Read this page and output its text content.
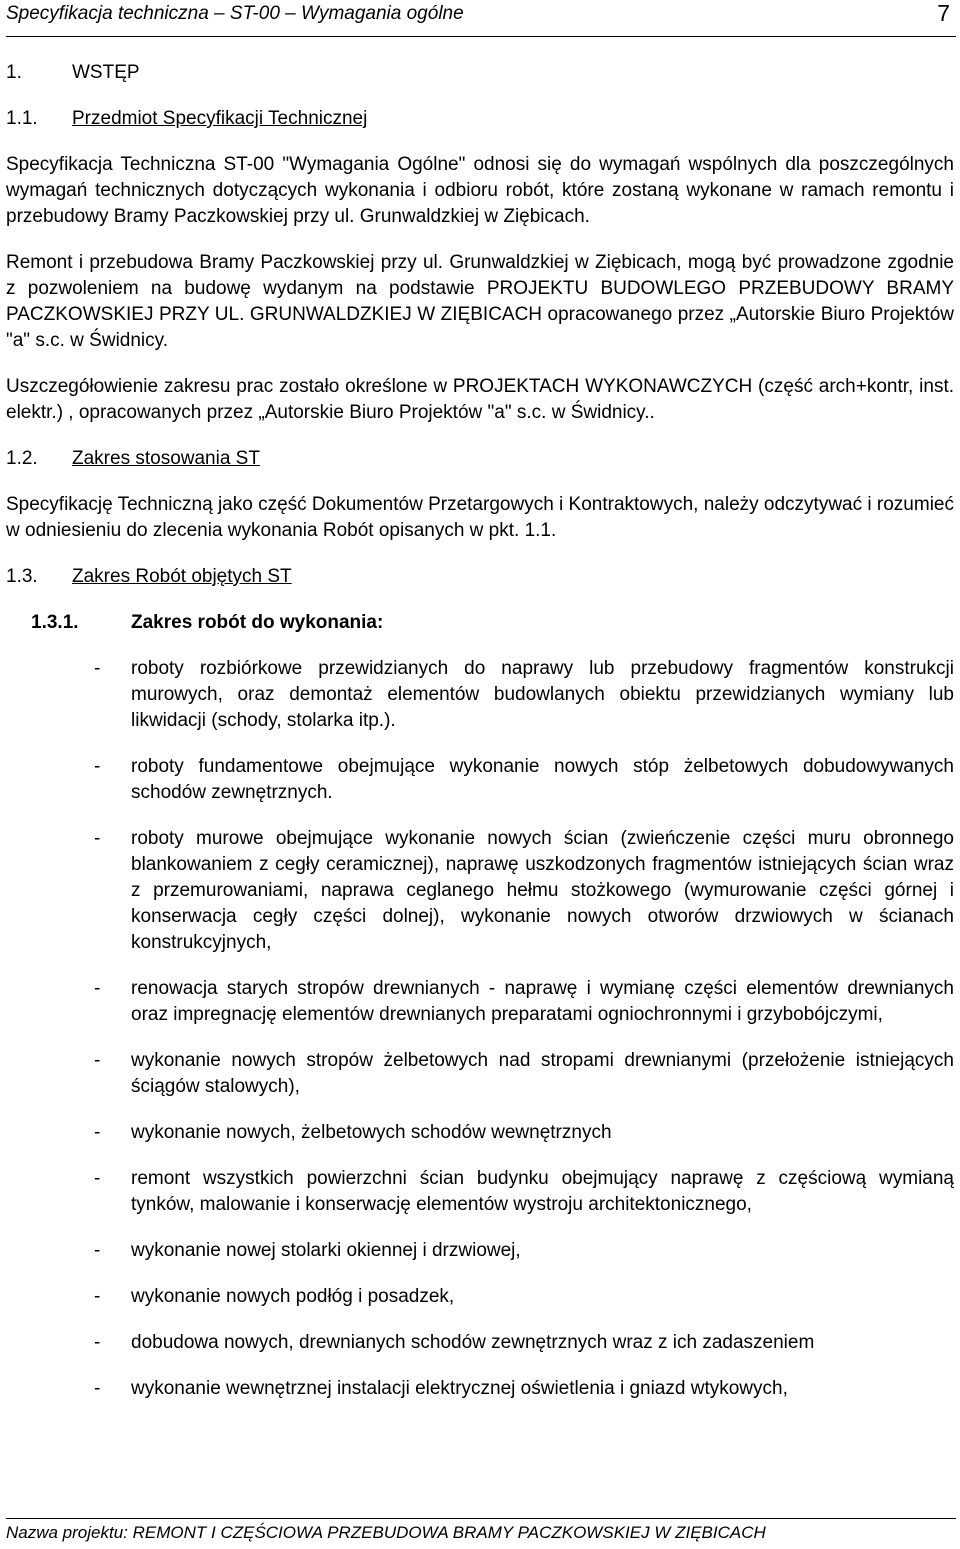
Specyfikacja techniczna – ST-00 – Wymagania ogólne	7
1.	WSTĘP
1.1.	Przedmiot Specyfikacji Technicznej

Specyfikacja Techniczna ST-00 "Wymagania Ogólne" odnosi się do wymagań wspólnych dla poszczególnych wymagań technicznych dotyczących wykonania i odbioru robót, które zostaną wykonane w ramach remontu i przebudowy Bramy Paczkowskiej przy ul. Grunwaldzkiej w Ziębicach.

Remont i przebudowa Bramy Paczkowskiej przy ul. Grunwaldzkiej w Ziębicach, mogą być prowadzone zgodnie z pozwoleniem na budowę wydanym na podstawie PROJEKTU BUDOWLEGO PRZEBUDOWY BRAMY PACZKOWSKIEJ PRZY UL. GRUNWALDZKIEJ W ZIĘBICACH opracowanego przez „Autorskie Biuro Projektów "a" s.c. w Świdnicy.

Uszczegółowienie zakresu prac zostało określone w PROJEKTACH WYKONAWCZYCH (część arch+kontr, inst. elektr.) , opracowanych przez „Autorskie Biuro Projektów "a" s.c. w Świdnicy..

1.2.	Zakres stosowania ST

Specyfikację Techniczną jako część Dokumentów Przetargowych i Kontraktowych, należy odczytywać i rozumieć w odniesieniu do zlecenia wykonania Robót opisanych w pkt. 1.1.

1.3.	Zakres Robót objętych ST
1.3.1.	Zakres robót do wykonania:
- roboty rozbiórkowe przewidzianych do naprawy lub przebudowy fragmentów konstrukcji murowych, oraz demontaż elementów budowlanych obiektu przewidzianych wymiany lub likwidacji (schody, stolarka itp.).
- roboty fundamentowe obejmujące wykonanie nowych stóp żelbetowych dobudowywanych schodów zewnętrznych.
- roboty murowe obejmujące wykonanie nowych ścian (zwieńczenie części muru obronnego blankowaniem z cegły ceramicznej), naprawę uszkodzonych fragmentów istniejących ścian wraz z przemurowaniami, naprawa ceglanego hełmu stożkowego (wymurowanie części górnej i konserwacja cegły części dolnej), wykonanie nowych otworów drzwiowych w ścianach konstrukcyjnych,
- renowacja starych stropów drewnianych - naprawę i wymianę części elementów drewnianych oraz impregnację elementów drewnianych preparatami ogniochronnymi i grzybobójczymi,
- wykonanie nowych stropów żelbetowych nad stropami drewnianymi (przełożenie istniejących ściągów stalowych),
- wykonanie nowych, żelbetowych schodów wewnętrznych
- remont wszystkich powierzchni ścian budynku obejmujący naprawę z częściową wymianą tynków, malowanie i konserwację elementów wystroju architektonicznego,
- wykonanie nowej stolarki okiennej i drzwiowej,
- wykonanie nowych podłóg i posadzek,
- dobudowa nowych, drewnianych schodów zewnętrznych wraz z ich zadaszeniem
- wykonanie wewnętrznej instalacji elektrycznej oświetlenia i gniazd wtykowych,
Nazwa projektu: REMONT I CZĘŚCIOWA PRZEBUDOWA BRAMY PACZKOWSKIEJ W ZIĘBICACH
